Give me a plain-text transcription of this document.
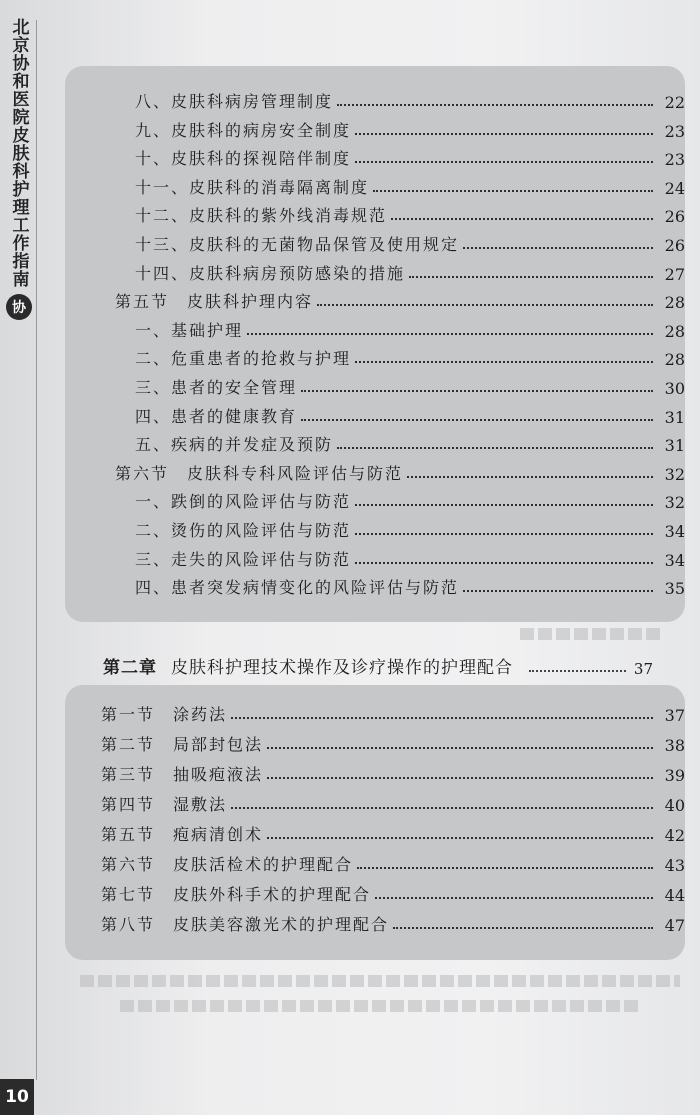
北京协和医院皮肤科护理工作指南
协
八、皮肤科病房管理制度	22
九、皮肤科的病房安全制度	23
十、皮肤科的探视陪伴制度	23
十一、皮肤科的消毒隔离制度	24
十二、皮肤科的紫外线消毒规范	26
十三、皮肤科的无菌物品保管及使用规定	26
十四、皮肤科病房预防感染的措施	27
第五节 皮肤科护理内容	28
一、基础护理	28
二、危重患者的抢救与护理	28
三、患者的安全管理	30
四、患者的健康教育	31
五、疾病的并发症及预防	31
第六节 皮肤科专科风险评估与防范	32
一、跌倒的风险评估与防范	32
二、烫伤的风险评估与防范	34
三、走失的风险评估与防范	34
四、患者突发病情变化的风险评估与防范	35
第二章 皮肤科护理技术操作及诊疗操作的护理配合	37
第一节 涂药法	37
第二节 局部封包法	38
第三节 抽吸疱液法	39
第四节 湿敷法	40
第五节 疱病清创术	42
第六节 皮肤活检术的护理配合	43
第七节 皮肤外科手术的护理配合	44
第八节 皮肤美容激光术的护理配合	47
10
